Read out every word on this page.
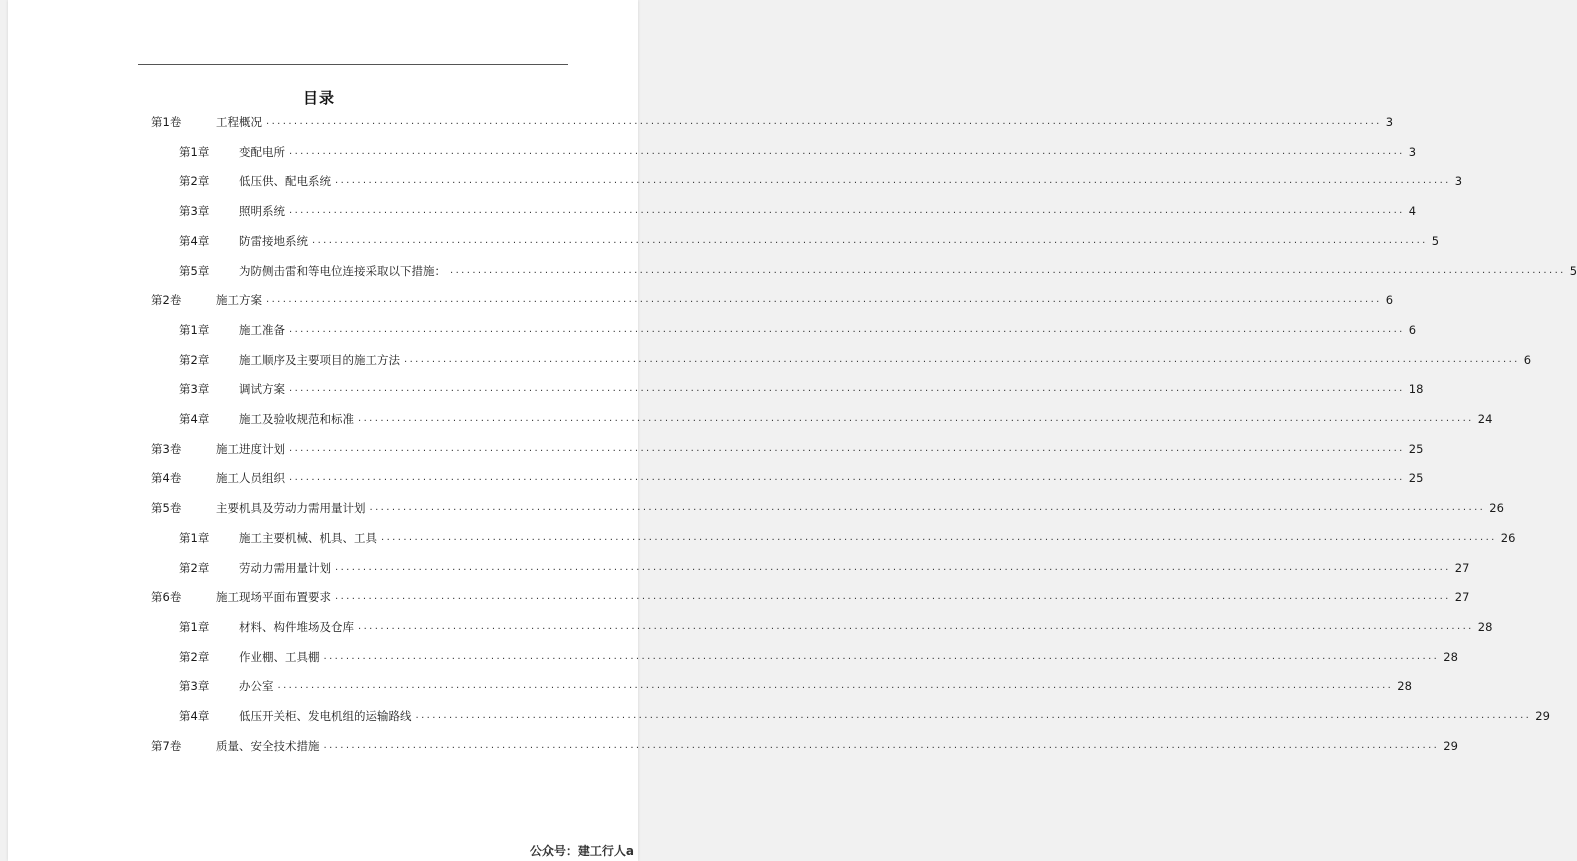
目录
第1卷	工程概况 ........................................................................................................................................................................................................ 3
第1章	变配电所 ........................................................................................................................................................................................................ 3
第2章	低压供、配电系统 ........................................................................................................................................................................................................ 3
第3章	照明系统 ........................................................................................................................................................................................................ 4
第4章	防雷接地系统 ........................................................................................................................................................................................................ 5
第5章	为防侧击雷和等电位连接采取以下措施： ........................................................................................................................................................................................................ 5
第2卷	施工方案 ........................................................................................................................................................................................................ 6
第1章	施工准备 ........................................................................................................................................................................................................ 6
第2章	施工顺序及主要项目的施工方法 ........................................................................................................................................................................................................ 6
第3章	调试方案 ........................................................................................................................................................................................................ 18
第4章	施工及验收规范和标准 ........................................................................................................................................................................................................ 24
第3卷	施工进度计划 ........................................................................................................................................................................................................ 25
第4卷	施工人员组织 ........................................................................................................................................................................................................ 25
第5卷	主要机具及劳动力需用量计划 ........................................................................................................................................................................................................ 26
第1章	施工主要机械、机具、工具 ........................................................................................................................................................................................................ 26
第2章	劳动力需用量计划 ........................................................................................................................................................................................................ 27
第6卷	施工现场平面布置要求 ........................................................................................................................................................................................................ 27
第1章	材料、构件堆场及仓库 ........................................................................................................................................................................................................ 28
第2章	作业棚、工具棚 ........................................................................................................................................................................................................ 28
第3章	办公室 ........................................................................................................................................................................................................ 28
第4章	低压开关柜、发电机组的运输路线 ........................................................................................................................................................................................................ 29
第7卷	质量、安全技术措施 ........................................................................................................................................................................................................ 29
公众号：建工行人a
